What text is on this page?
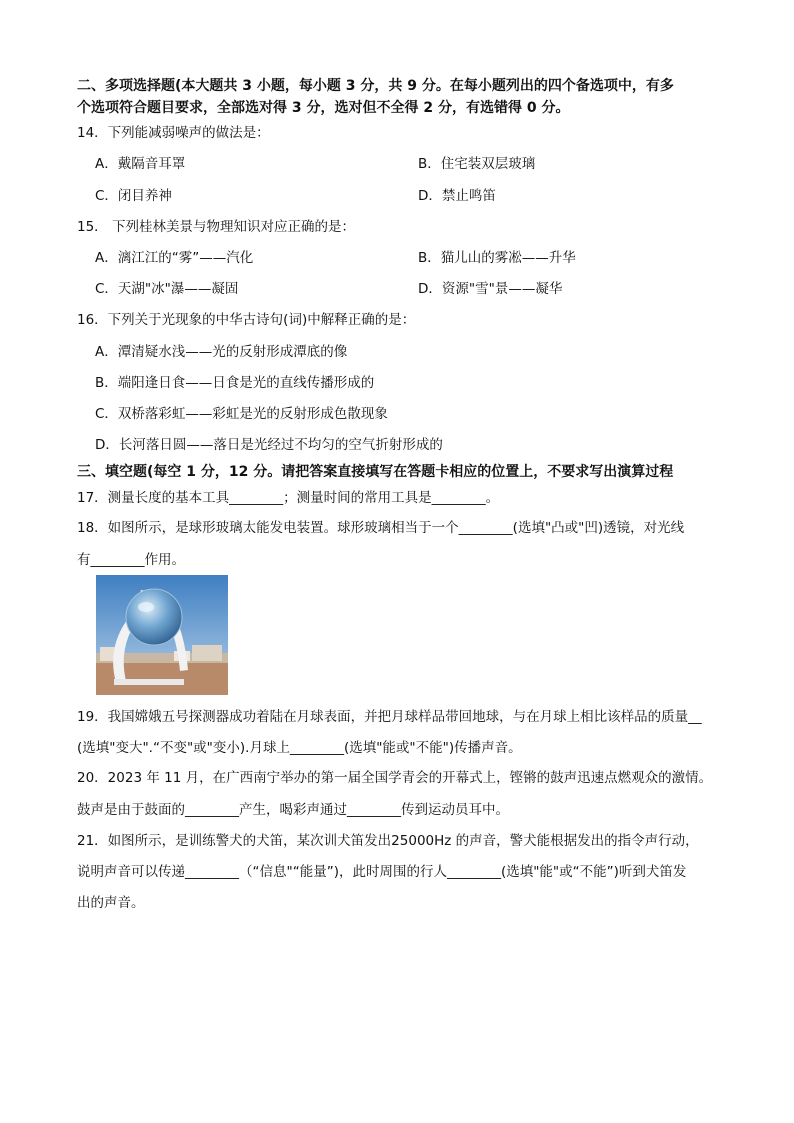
二、多项选择题(本大题共 3 小题，每小题 3 分，共 9 分。在每小题列出的四个备选项中，有多
个选项符合题目要求，全部选对得 3 分，选对但不全得 2 分，有选错得 0 分。
14．下列能减弱噪声的做法是：
A．戴隔音耳罩	B．住宅装双层玻璃
C．闭目养神	D．禁止鸣笛
15． 下列桂林美景与物理知识对应正确的是：
A．漓江江的“雾”——汽化	B．猫儿山的雾凇——升华
C．天湖"冰"瀑——凝固	D．资源"雪"景——凝华
16．下列关于光现象的中华古诗句(词)中解释正确的是：
A．潭清疑水浅——光的反射形成潭底的像
B．端阳逢日食——日食是光的直线传播形成的
C．双桥落彩虹——彩虹是光的反射形成色散现象
D．长河落日圆——落日是光经过不均匀的空气折射形成的
三、填空题(每空 1 分，12 分。请把答案直接填写在答题卡相应的位置上，不要求写出演算过程
17．测量长度的基本工具________；测量时间的常用工具是________。
18．如图所示，是球形玻璃太能发电装置。球形玻璃相当于一个________(选填"凸或"凹)透镜，对光线
有________作用。
19．我国嫦娥五号探测器成功着陆在月球表面，并把月球样品带回地球，与在月球上相比该样品的质量__
(选填"变大".“不变"或"变小).月球上________(选填"能或"不能")传播声音。
20．2023 年 11 月，在广西南宁举办的第一届全国学青会的开幕式上，铿锵的鼓声迅速点燃观众的激情。
鼓声是由于鼓面的________产生，喝彩声通过________传到运动员耳中。
21．如图所示，是训练警犬的犬笛，某次训犬笛发出25000Hz 的声音，警犬能根据发出的指令声行动，
说明声音可以传递________（“信息"“能量”)，此时周围的行人________(选填"能"或“不能”)听到犬笛发
出的声音。
